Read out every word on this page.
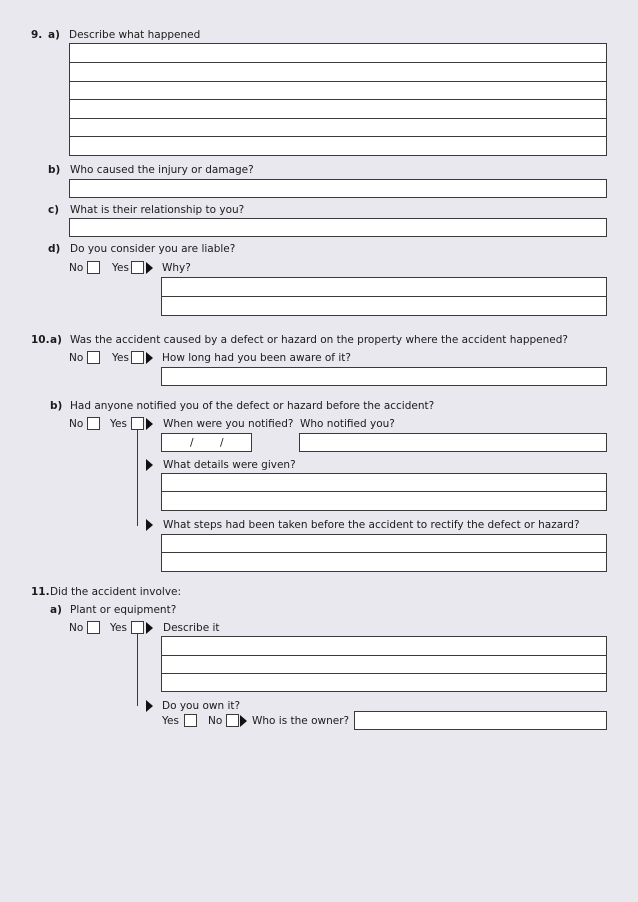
9. a) Describe what happened
b) Who caused the injury or damage?
c) What is their relationship to you?
d) Do you consider you are liable?
No	Yes	Why?
10. a) Was the accident caused by a defect or hazard on the property where the accident happened?
No	Yes	How long had you been aware of it?
b) Had anyone notified you of the defect or hazard before the accident?
No	Yes	When were you notified? Who notified you?
/	/
What details were given?
What steps had been taken before the accident to rectify the defect or hazard?
11. Did the accident involve:
a) Plant or equipment?
No	Yes	Describe it
Do you own it?
Yes	No	Who is the owner?
